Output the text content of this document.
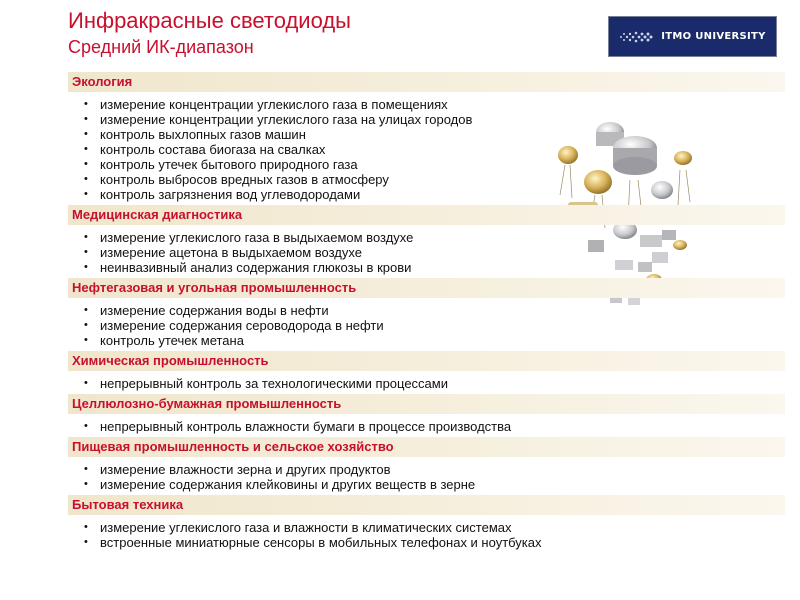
Инфракрасные светодиоды
Средний ИК-диапазон
ITMO UNIVERSITY
Экология
• измерение концентрации углекислого газа в помещениях
• измерение концентрации углекислого газа на улицах городов
• контроль выхлопных газов машин
• контроль состава биогаза на свалках
• контроль утечек бытового природного газа
• контроль выбросов вредных газов в атмосферу
• контроль загрязнения вод углеводородами
Медицинская диагностика
• измерение углекислого газа в выдыхаемом воздухе
• измерение ацетона в выдыхаемом воздухе
• неинвазивный анализ содержания глюкозы в крови
Нефтегазовая и угольная промышленность
• измерение содержания воды в нефти
• измерение содержания сероводорода в нефти
• контроль утечек метана
Химическая промышленность
• непрерывный контроль за технологическими процессами
Целлюлозно-бумажная промышленность
• непрерывный контроль влажности бумаги в процессе производства
Пищевая промышленность и сельское хозяйство
• измерение влажности зерна и других продуктов
• измерение содержания клейковины и других веществ в зерне
Бытовая техника
• измерение углекислого газа и влажности в климатических системах
• встроенные миниатюрные сенсоры в мобильных телефонах и ноутбуках
